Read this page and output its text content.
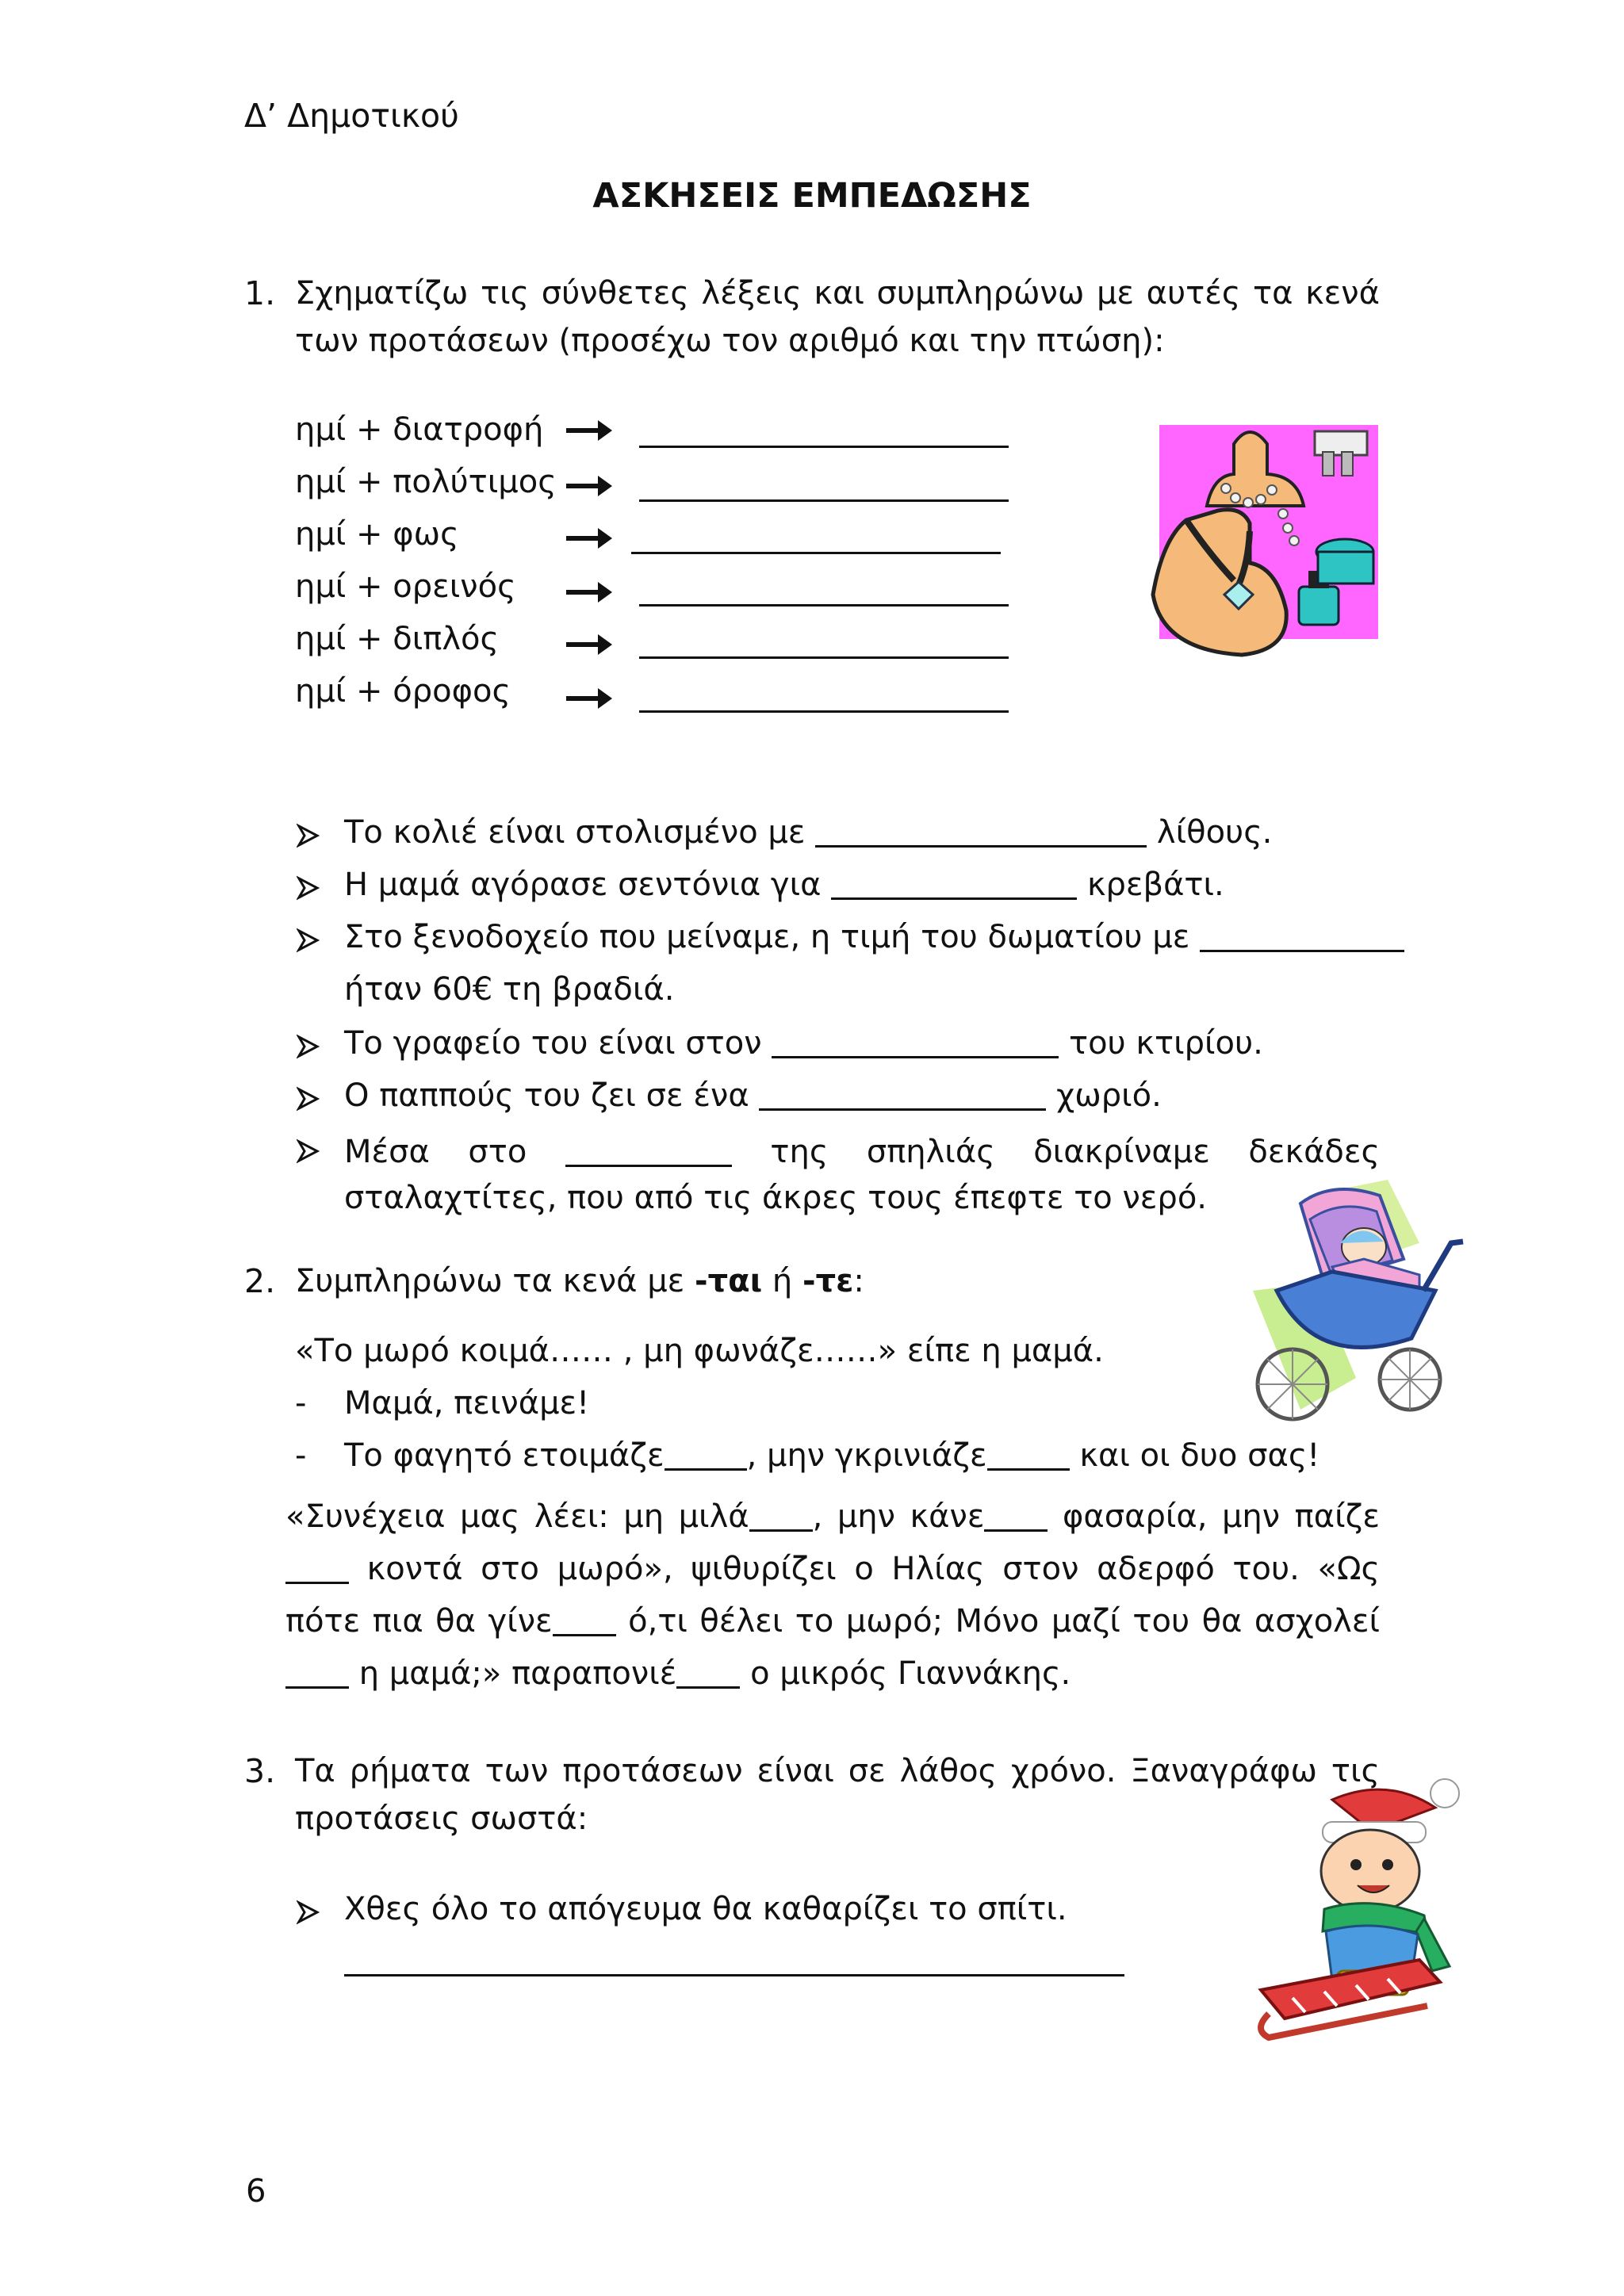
Δ’ Δημοτικού
ΑΣΚΗΣΕΙΣ ΕΜΠΕΔΩΣΗΣ
1. Σχηματίζω τις σύνθετες λέξεις και συμπληρώνω με αυτές τα κενά των προτάσεων (προσέχω τον αριθμό και την πτώση):
ημί + διατροφή
ημί + πολύτιμος
ημί + φως
ημί + ορεινός
ημί + διπλός
ημί + όροφος
Το κολιέ είναι στολισμένο με	λίθους.
Η μαμά αγόρασε σεντόνια για	κρεβάτι.
Στο ξενοδοχείο που μείναμε, η τιμή του δωματίου με
ήταν 60€ τη βραδιά.
Το γραφείο του είναι στον	του κτιρίου.
Ο παππούς του ζει σε ένα	χωριό.
Μέσα στο	της σπηλιάς διακρίναμε δεκάδες σταλαχτίτες, που από τις άκρες τους έπεφτε το νερό.
2. Συμπληρώνω τα κενά με -ται ή -τε:
«Το μωρό κοιμά…… , μη φωνάζε……» είπε η μαμά.
- Μαμά, πεινάμε!
- Το φαγητό ετοιμάζε	, μην γκρινιάζε	και οι δυο σας!
«Συνέχεια μας λέει: μη μιλά , μην κάνε φασαρία, μην παίζε κοντά στο μωρό», ψιθυρίζει ο Ηλίας στον αδερφό του. «Ως πότε πια θα γίνε ό,τι θέλει το μωρό; Μόνο μαζί του θα ασχολεί η μαμά;» παραπονιέ ο μικρός Γιαννάκης.
3. Τα ρήματα των προτάσεων είναι σε λάθος χρόνο. Ξαναγράφω τις προτάσεις σωστά:
Χθες όλο το απόγευμα θα καθαρίζει το σπίτι.
6
